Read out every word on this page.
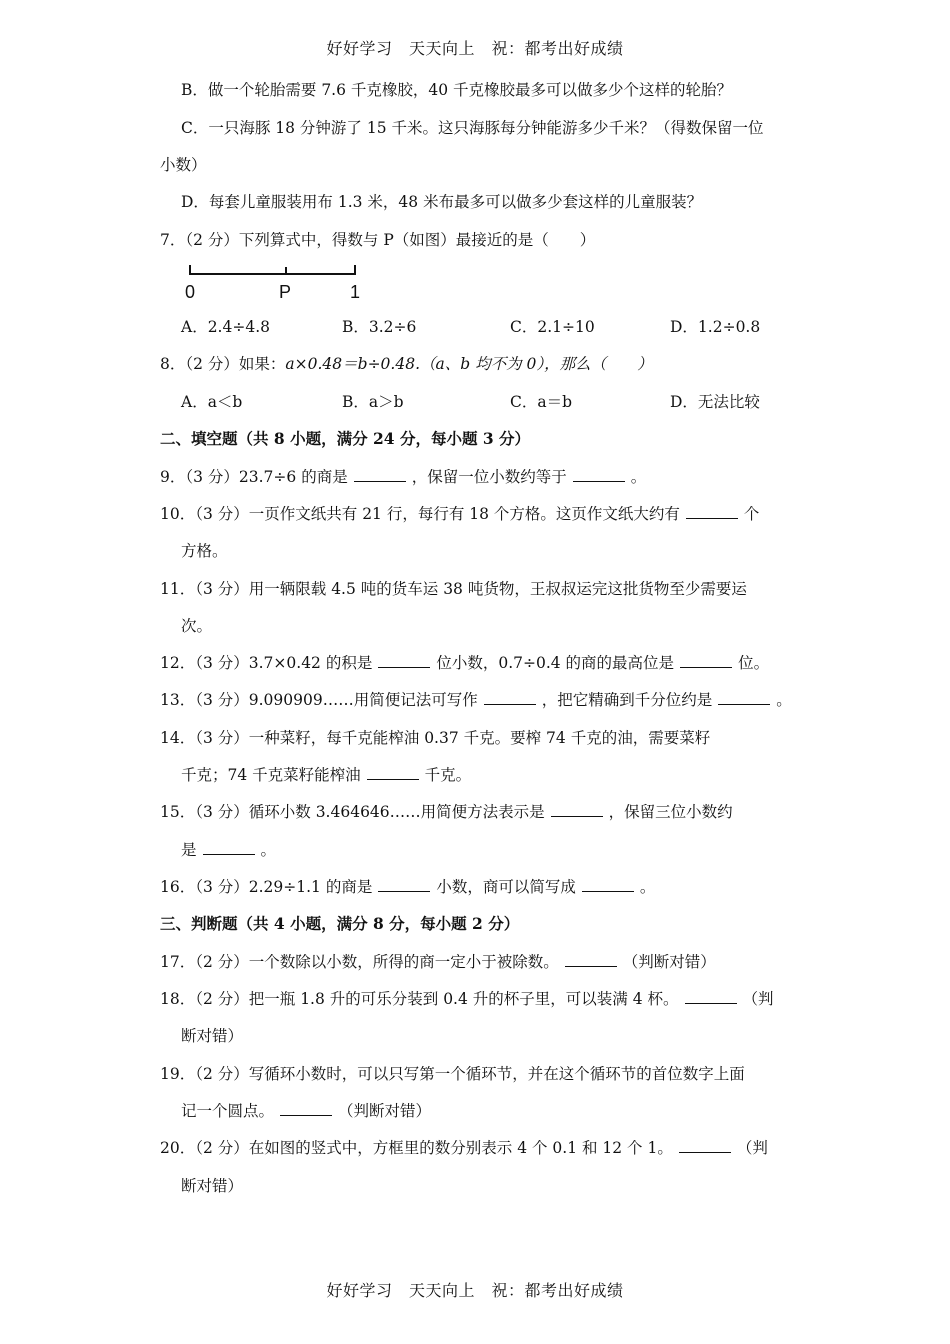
好好学习　天天向上　祝：都考出好成绩
B．做一个轮胎需要 7.6 千克橡胶，40 千克橡胶最多可以做多少个这样的轮胎？
C．一只海豚 18 分钟游了 15 千米。这只海豚每分钟能游多少千米？（得数保留一位
小数）
D．每套儿童服装用布 1.3 米，48 米布最多可以做多少套这样的儿童服装？
7．（2 分）下列算式中，得数与 P（如图）最接近的是（　　）
0	P	1
A．2.4÷4.8	B．3.2÷6	C．2.1÷10	D．1.2÷0.8
8．（2 分）如果：a×0.48＝b÷0.48.（a、b 均不为 0），那么（　　）
A．a＜b	B．a＞b	C．a＝b	D．无法比较
二、填空题（共 8 小题，满分 24 分，每小题 3 分）
9．（3 分）23.7÷6 的商是	，保留一位小数约等于	。
10．（3 分）一页作文纸共有 21 行，每行有 18 个方格。这页作文纸大约有	个
方格。
11．（3 分）用一辆限载 4.5 吨的货车运 38 吨货物，王叔叔运完这批货物至少需要运
次。
12．（3 分）3.7×0.42 的积是	位小数，0.7÷0.4 的商的最高位是	位。
13．（3 分）9.090909……用简便记法可写作	，把它精确到千分位约是	。
14．（3 分）一种菜籽，每千克能榨油 0.37 千克。要榨 74 千克的油，需要菜籽
千克；74 千克菜籽能榨油	千克。
15．（3 分）循环小数 3.464646……用简便方法表示是	，保留三位小数约
是	。
16．（3 分）2.29÷1.1 的商是	小数，商可以简写成	。
三、判断题（共 4 小题，满分 8 分，每小题 2 分）
17．（2 分）一个数除以小数，所得的商一定小于被除数。	（判断对错）
18．（2 分）把一瓶 1.8 升的可乐分装到 0.4 升的杯子里，可以装满 4 杯。	（判
断对错）
19．（2 分）写循环小数时，可以只写第一个循环节，并在这个循环节的首位数字上面
记一个圆点。	（判断对错）
20．（2 分）在如图的竖式中，方框里的数分别表示 4 个 0.1 和 12 个 1。	（判
断对错）
好好学习　天天向上　祝：都考出好成绩
